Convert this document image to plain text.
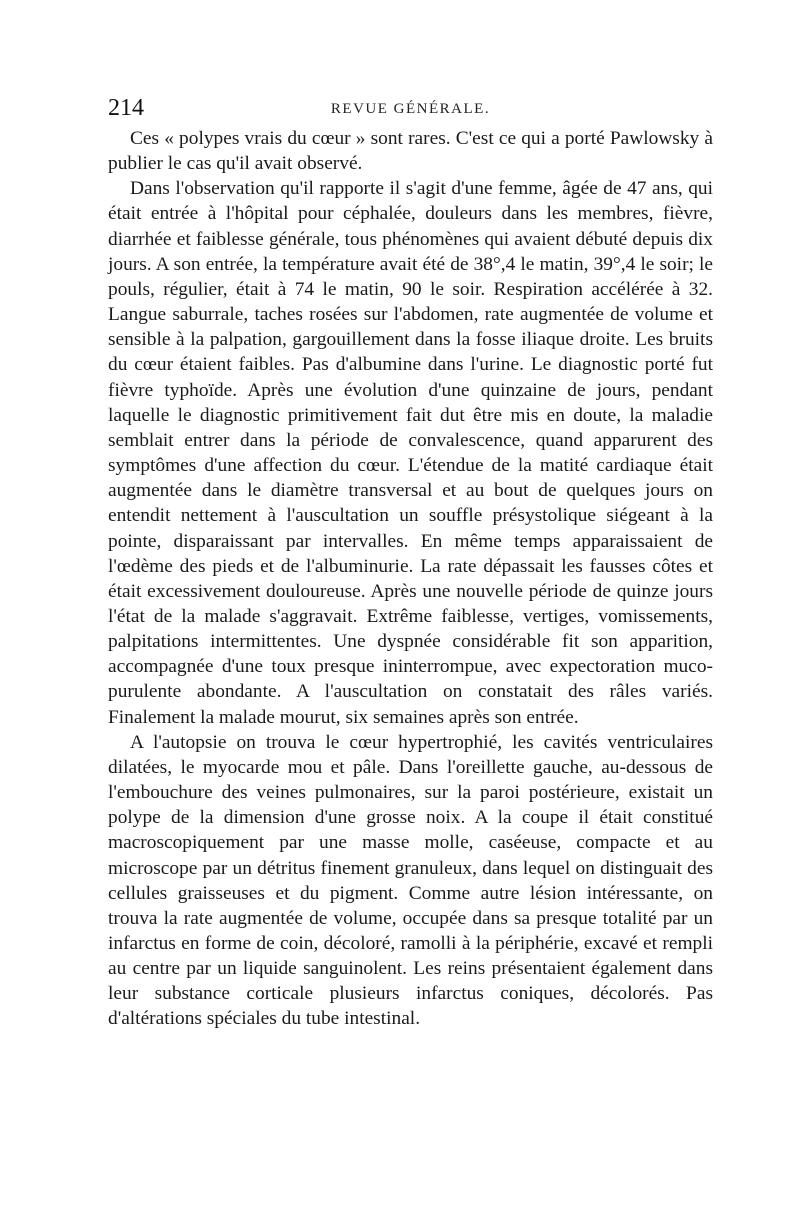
214	REVUE GÉNÉRALE.

Ces « polypes vrais du cœur » sont rares. C'est ce qui a porté Pawlowsky à publier le cas qu'il avait observé.

Dans l'observation qu'il rapporte il s'agit d'une femme, âgée de 47 ans, qui était entrée à l'hôpital pour céphalée, douleurs dans les membres, fièvre, diarrhée et faiblesse générale, tous phénomènes qui avaient débuté depuis dix jours. A son entrée, la température avait été de 38°,4 le matin, 39°,4 le soir; le pouls, régulier, était à 74 le matin, 90 le soir. Respiration accélérée à 32. Langue saburrale, taches rosées sur l'abdomen, rate augmentée de volume et sensible à la palpation, gargouillement dans la fosse iliaque droite. Les bruits du cœur étaient faibles. Pas d'albumine dans l'urine. Le diagnostic porté fut fièvre typhoïde. Après une évolution d'une quinzaine de jours, pendant laquelle le diagnostic primitivement fait dut être mis en doute, la maladie semblait entrer dans la période de convalescence, quand apparurent des symptômes d'une affection du cœur. L'étendue de la matité cardiaque était augmentée dans le diamètre transversal et au bout de quelques jours on entendit nettement à l'auscultation un souffle présystolique siégeant à la pointe, disparaissant par intervalles. En même temps apparaissaient de l'œdème des pieds et de l'albuminurie. La rate dépassait les fausses côtes et était excessivement douloureuse. Après une nouvelle période de quinze jours l'état de la malade s'aggravait. Extrême faiblesse, vertiges, vomissements, palpitations intermittentes. Une dyspnée considérable fit son apparition, accompagnée d'une toux presque ininterrompue, avec expectoration muco-purulente abondante. A l'auscultation on constatait des râles variés. Finalement la malade mourut, six semaines après son entrée.

A l'autopsie on trouva le cœur hypertrophié, les cavités ventriculaires dilatées, le myocarde mou et pâle. Dans l'oreillette gauche, au-dessous de l'embouchure des veines pulmonaires, sur la paroi postérieure, existait un polype de la dimension d'une grosse noix. A la coupe il était constitué macroscopiquement par une masse molle, caséeuse, compacte et au microscope par un détritus finement granuleux, dans lequel on distinguait des cellules graisseuses et du pigment. Comme autre lésion intéressante, on trouva la rate augmentée de volume, occupée dans sa presque totalité par un infarctus en forme de coin, décoloré, ramolli à la périphérie, excavé et rempli au centre par un liquide sanguinolent. Les reins présentaient également dans leur substance corticale plusieurs infarctus coniques, décolorés. Pas d'altérations spéciales du tube intestinal.
